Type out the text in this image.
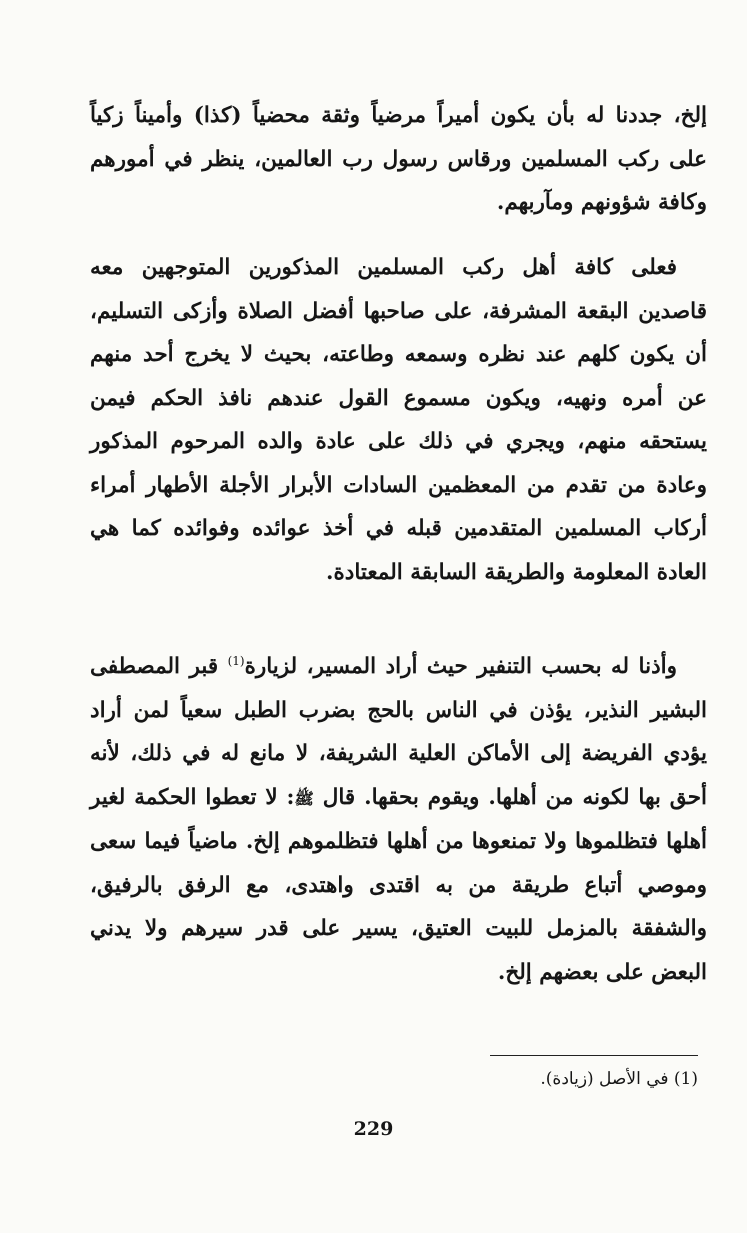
إلخ، جددنا له بأن يكون أميراً مرضياً وثقة محضياً (كذا) وأميناً زكياً على ركب المسلمين ورقاس رسول رب العالمين، ينظر في أمورهم وكافة شؤونهم ومآربهم.

فعلى كافة أهل ركب المسلمين المذكورين المتوجهين معه قاصدين البقعة المشرفة، على صاحبها أفضل الصلاة وأزكى التسليم، أن يكون كلهم عند نظره وسمعه وطاعته، بحيث لا يخرج أحد منهم عن أمره ونهيه، ويكون مسموع القول عندهم نافذ الحكم فيمن يستحقه منهم، ويجري في ذلك على عادة والده المرحوم المذكور وعادة من تقدم من المعظمين السادات الأبرار الأجلة الأطهار أمراء أركاب المسلمين المتقدمين قبله في أخذ عوائده وفوائده كما هي العادة المعلومة والطريقة السابقة المعتادة.

وأذنا له بحسب التنفير حيث أراد المسير، لزيارة$^{(1)}$ قبر المصطفى البشير النذير، يؤذن في الناس بالحج بضرب الطبل سعياً لمن أراد يؤدي الفريضة إلى الأماكن العلية الشريفة، لا مانع له في ذلك، لأنه أحق بها لكونه من أهلها. ويقوم بحقها. قال ﷺ: لا تعطوا الحكمة لغير أهلها فتظلموها ولا تمنعوها من أهلها فتظلموهم إلخ. ماضياً فيما سعى وموصي أتباع طريقة من به اقتدى واهتدى، مع الرفق بالرفيق، والشفقة بالمزمل للبيت العتيق، يسير على قدر سيرهم ولا يدني البعض على بعضهم إلخ.

(1) في الأصل (زيادة).

229
